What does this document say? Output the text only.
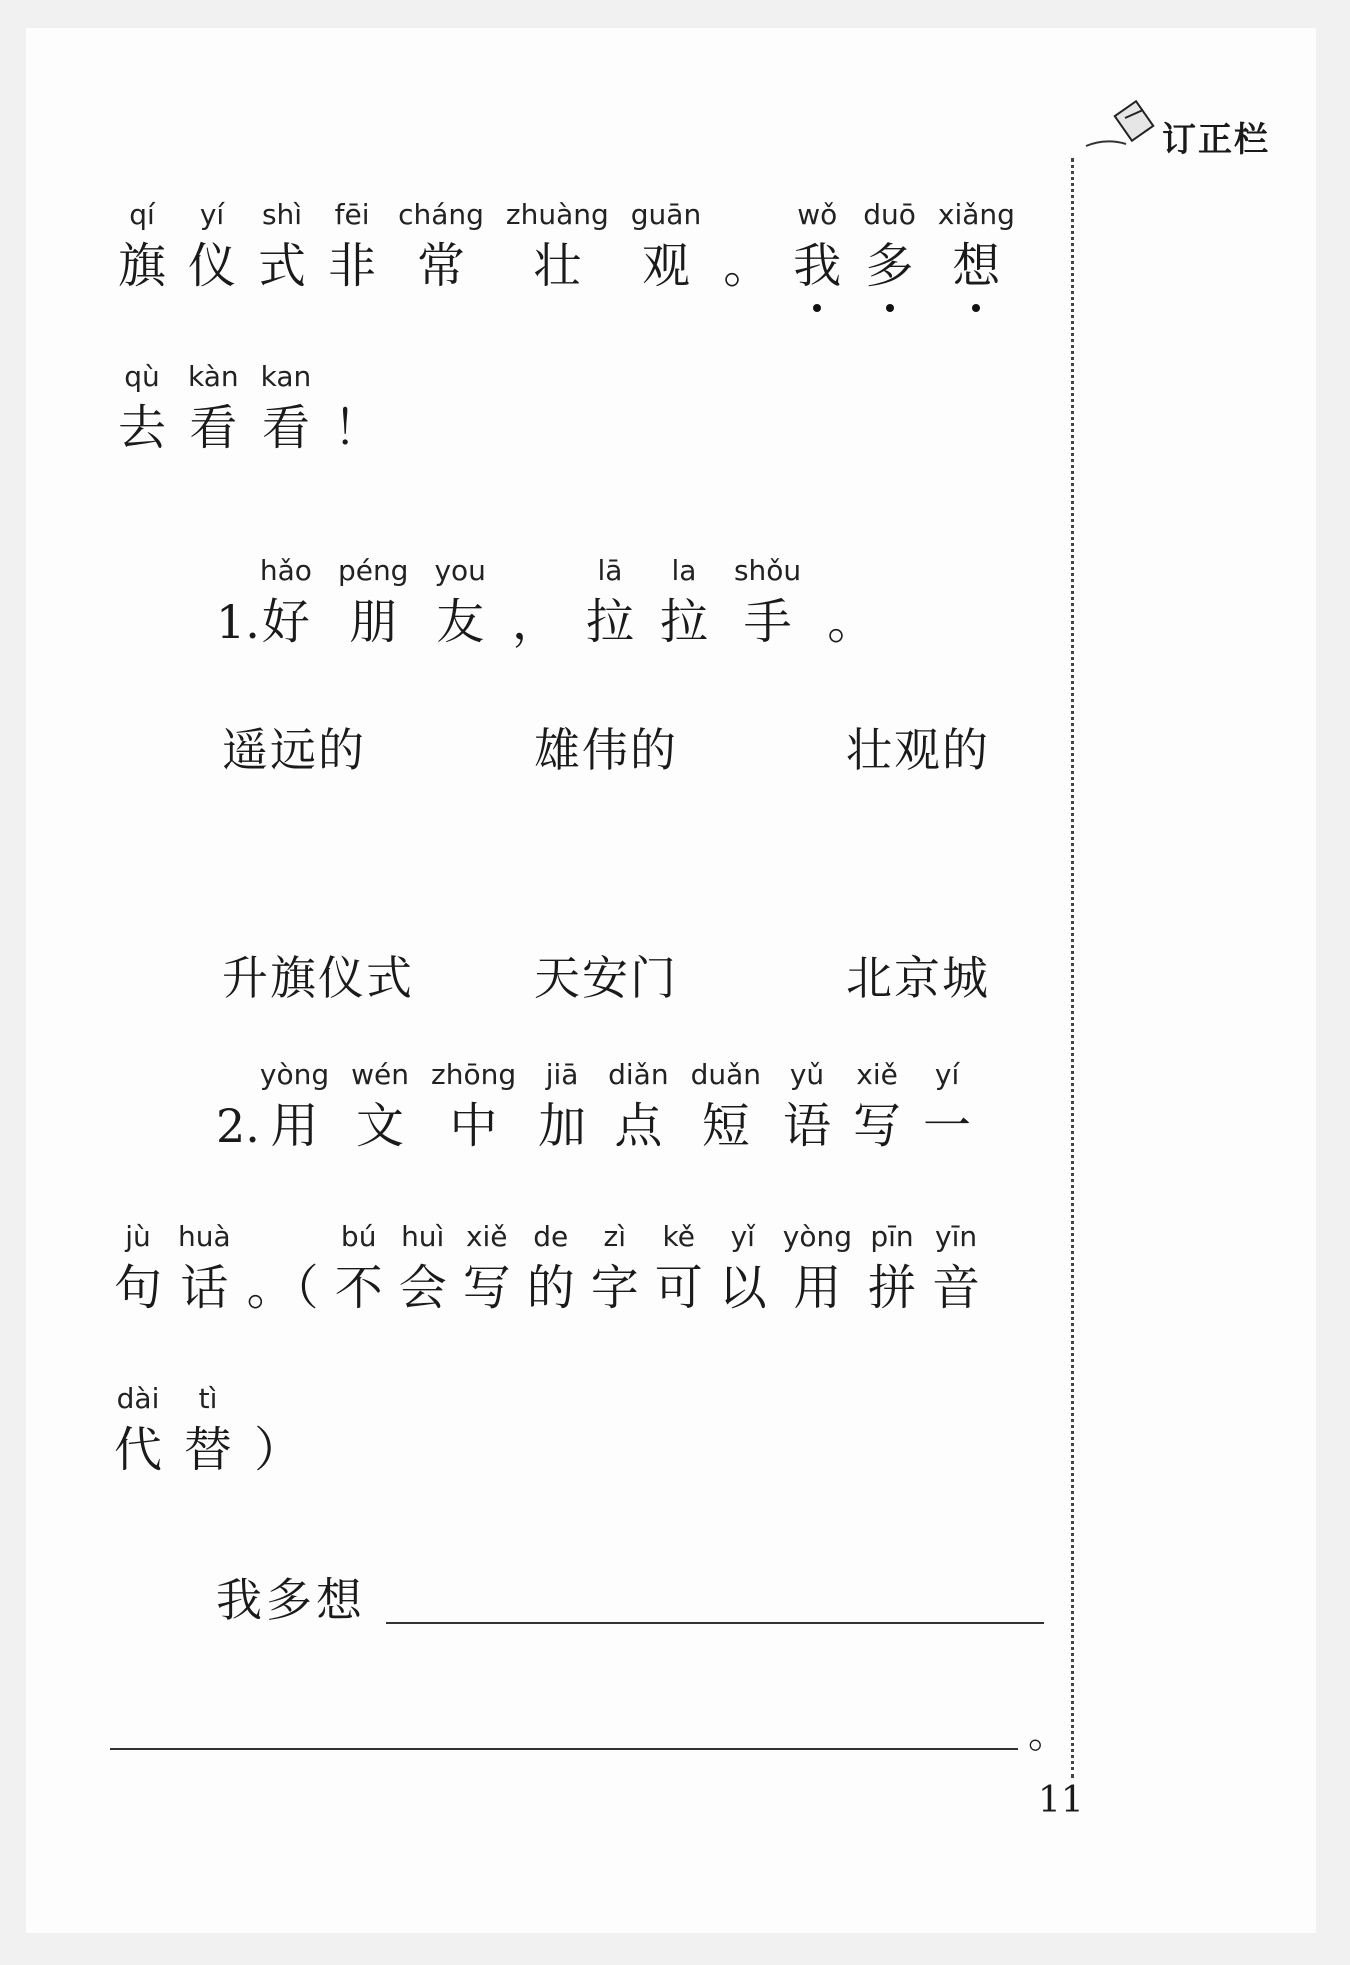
订正栏
qí
旗
yí
仪
shì
式
fēi
非
cháng
常
zhuàng
壮
guān
观 。
wǒ
我
duō
多
xiǎng
想
qù
去
kàn
看
kan
看 ！
1.
hǎo
好
péng
朋
you
友 ，
lā
拉
la
拉
shǒu
手 。
遥远的	雄伟的	壮观的
升旗仪式	天安门	北京城
2.
yòng
用
wén
文
zhōng
中
jiā
加
diǎn
点
duǎn
短
yǔ
语
xiě
写
yí
一
jù
句
huà
话 。（
bú
不
huì
会
xiě
写
de
的
zì
字
kě
可
yǐ
以
yòng
用
pīn
拼
yīn
音
dài
代
tì
替 ）
我多想
。
11
